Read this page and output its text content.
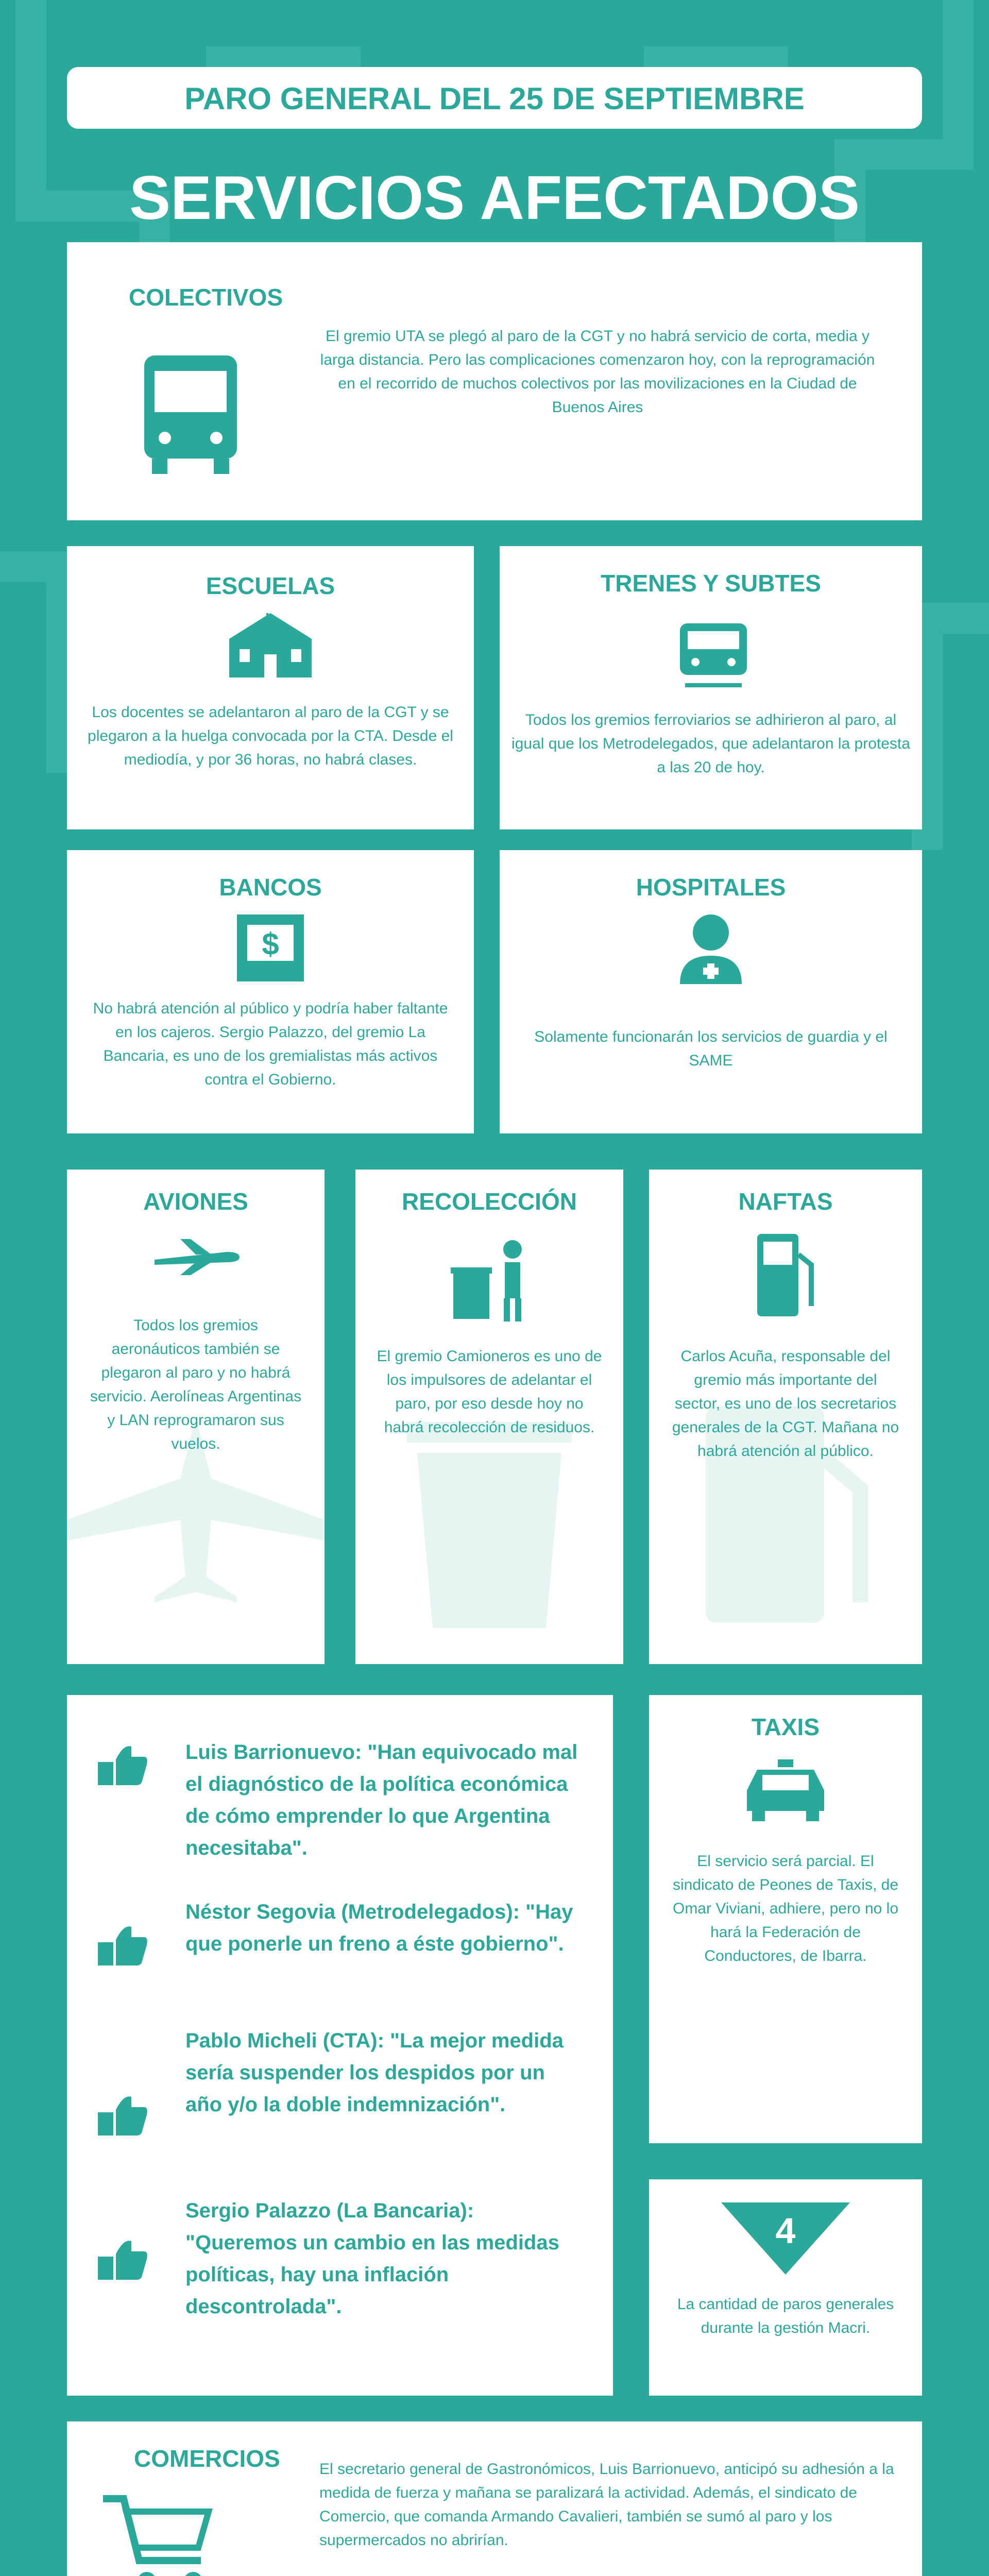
PARO GENERAL DEL 25 DE SEPTIEMBRE
SERVICIOS AFECTADOS
COLECTIVOS
El gremio UTA se plegó al paro de la CGT y no habrá servicio de corta, media y larga distancia. Pero las complicaciones comenzaron hoy, con la reprogramación en el recorrido de muchos colectivos por las movilizaciones en la Ciudad de Buenos Aires
ESCUELAS
Los docentes se adelantaron al paro de la CGT y se plegaron a la huelga convocada por la CTA. Desde el mediodía, y por 36 horas, no habrá clases.
TRENES Y SUBTES
Todos los gremios ferroviarios se adhirieron al paro, al igual que los Metrodelegados, que adelantaron la protesta a las 20 de hoy.
BANCOS
$
No habrá atención al público y podría haber faltante en los cajeros. Sergio Palazzo, del gremio La Bancaria, es uno de los gremialistas más activos contra el Gobierno.
HOSPITALES
Solamente funcionarán los servicios de guardia y el SAME
AVIONES
Todos los gremios aeronáuticos también se plegaron al paro y no habrá servicio. Aerolíneas Argentinas y LAN reprogramaron sus vuelos.
RECOLECCIÓN
El gremio Camioneros es uno de los impulsores de adelantar el paro, por eso desde hoy no habrá recolección de residuos.
NAFTAS
Carlos Acuña, responsable del gremio más importante del sector, es uno de los secretarios generales de la CGT. Mañana no habrá atención al público.
Luis Barrionuevo: "Han equivocado mal el diagnóstico de la política económica de cómo emprender lo que Argentina necesitaba".
Néstor Segovia (Metrodelegados): "Hay que ponerle un freno a éste gobierno".
Pablo Micheli (CTA): "La mejor medida sería suspender los despidos por un año y/o la doble indemnización".
Sergio Palazzo (La Bancaria): "Queremos un cambio en las medidas políticas, hay una inflación descontrolada".
TAXIS
El servicio será parcial. El sindicato de Peones de Taxis, de Omar Viviani, adhiere, pero no lo hará la Federación de Conductores, de Ibarra.
4
La cantidad de paros generales durante la gestión Macri.
COMERCIOS	El secretario general de Gastronómicos, Luis Barrionuevo, anticipó su adhesión a la medida de fuerza y mañana se paralizará la actividad. Además, el sindicato de Comercio, que comanda Armando Cavalieri, también se sumó al paro y los supermercados no abrirían.
